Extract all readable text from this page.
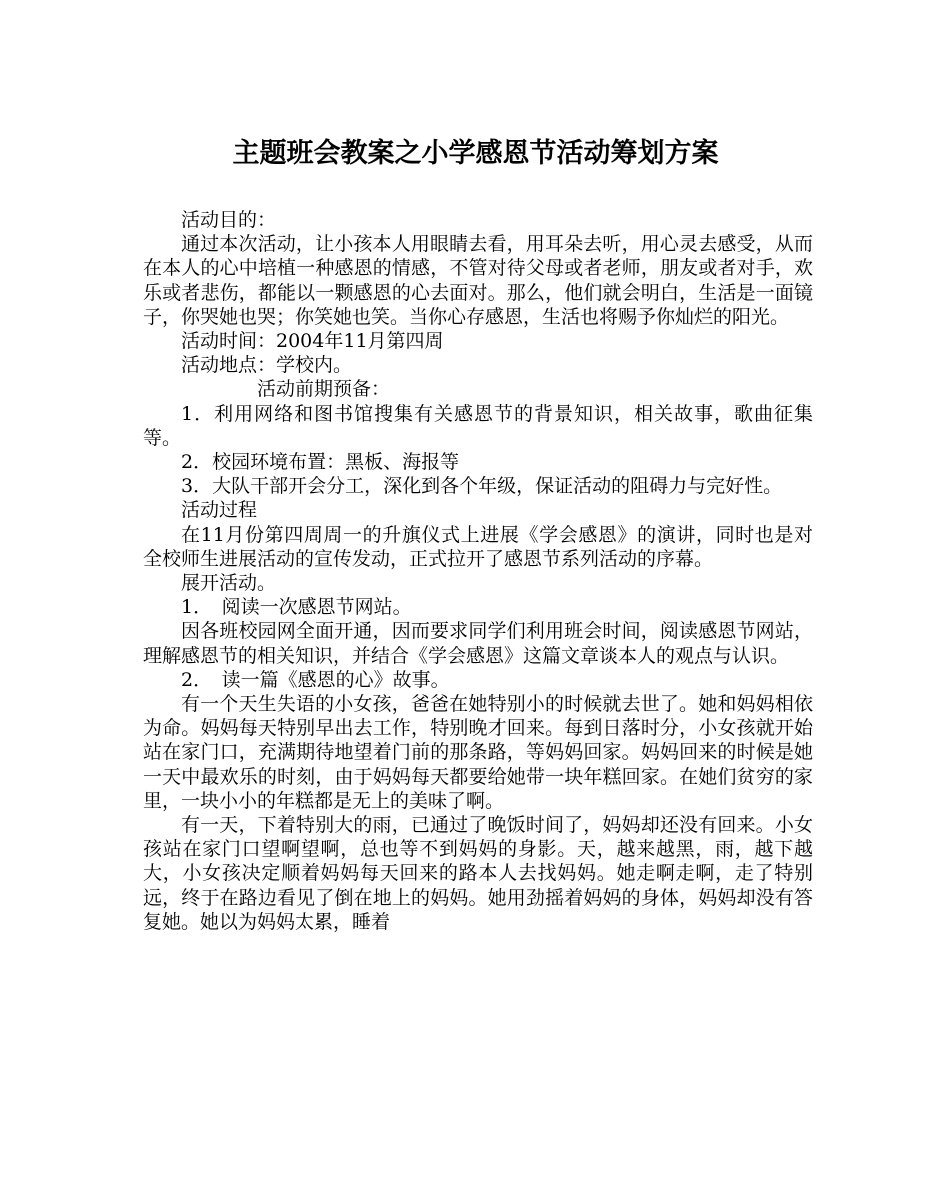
主题班会教案之小学感恩节活动筹划方案

活动目的：

通过本次活动，让小孩本人用眼睛去看，用耳朵去听，用心灵去感受，从而在本人的心中培植一种感恩的情感，不管对待父母或者老师，朋友或者对手，欢乐或者悲伤，都能以一颗感恩的心去面对。那么，他们就会明白，生活是一面镜子，你哭她也哭；你笑她也笑。当你心存感恩，生活也将赐予你灿烂的阳光。

活动时间：2004年11月第四周

活动地点：学校内。

活动前期预备：

1．利用网络和图书馆搜集有关感恩节的背景知识，相关故事，歌曲征集等。

2．校园环境布置：黑板、海报等

3．大队干部开会分工，深化到各个年级，保证活动的阻碍力与完好性。

活动过程

在11月份第四周周一的升旗仪式上进展《学会感恩》的演讲，同时也是对全校师生进展活动的宣传发动，正式拉开了感恩节系列活动的序幕。

展开活动。

1．　阅读一次感恩节网站。

因各班校园网全面开通，因而要求同学们利用班会时间，阅读感恩节网站，理解感恩节的相关知识，并结合《学会感恩》这篇文章谈本人的观点与认识。

2．　读一篇《感恩的心》故事。

有一个天生失语的小女孩，爸爸在她特别小的时候就去世了。她和妈妈相依为命。妈妈每天特别早出去工作，特别晚才回来。每到日落时分，小女孩就开始站在家门口，充满期待地望着门前的那条路，等妈妈回家。妈妈回来的时候是她一天中最欢乐的时刻，由于妈妈每天都要给她带一块年糕回家。在她们贫穷的家里，一块小小的年糕都是无上的美味了啊。

有一天，下着特别大的雨，已通过了晚饭时间了，妈妈却还没有回来。小女孩站在家门口望啊望啊，总也等不到妈妈的身影。天，越来越黑，雨，越下越大，小女孩决定顺着妈妈每天回来的路本人去找妈妈。她走啊走啊，走了特别远，终于在路边看见了倒在地上的妈妈。她用劲摇着妈妈的身体，妈妈却没有答复她。她以为妈妈太累，睡着
